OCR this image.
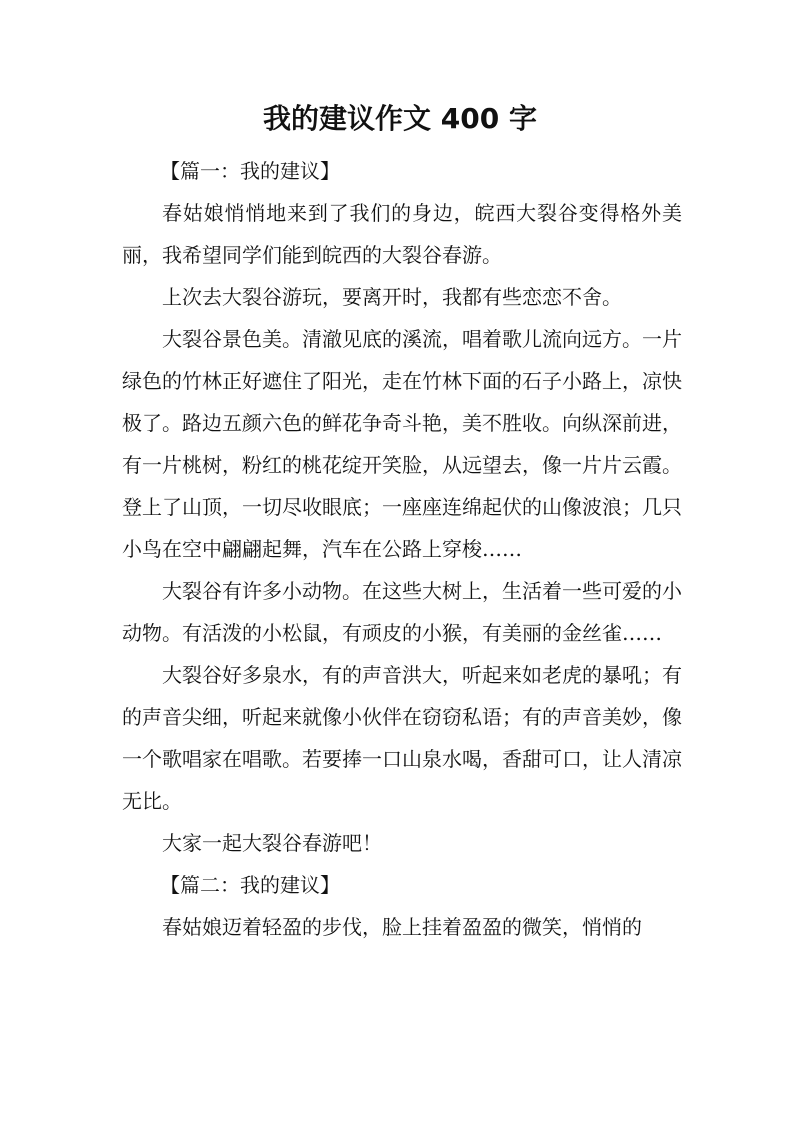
我的建议作文 400 字

【篇一：我的建议】

春姑娘悄悄地来到了我们的身边，皖西大裂谷变得格外美丽，我希望同学们能到皖西的大裂谷春游。

上次去大裂谷游玩，要离开时，我都有些恋恋不舍。

大裂谷景色美。清澈见底的溪流，唱着歌儿流向远方。一片绿色的竹林正好遮住了阳光，走在竹林下面的石子小路上，凉快极了。路边五颜六色的鲜花争奇斗艳，美不胜收。向纵深前进，有一片桃树，粉红的桃花绽开笑脸，从远望去，像一片片云霞。登上了山顶，一切尽收眼底；一座座连绵起伏的山像波浪；几只小鸟在空中翩翩起舞，汽车在公路上穿梭……

大裂谷有许多小动物。在这些大树上，生活着一些可爱的小动物。有活泼的小松鼠，有顽皮的小猴，有美丽的金丝雀……

大裂谷好多泉水，有的声音洪大，听起来如老虎的暴吼；有的声音尖细，听起来就像小伙伴在窃窃私语；有的声音美妙，像一个歌唱家在唱歌。若要捧一口山泉水喝，香甜可口，让人清凉无比。

大家一起大裂谷春游吧！

【篇二：我的建议】

春姑娘迈着轻盈的步伐，脸上挂着盈盈的微笑，悄悄的
